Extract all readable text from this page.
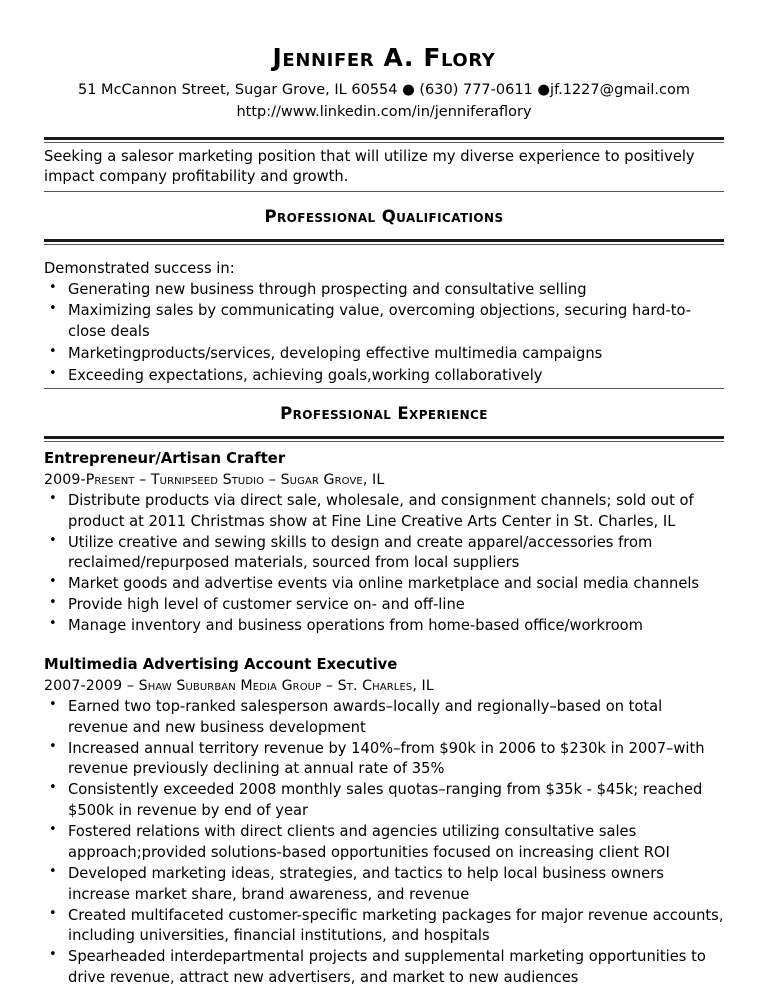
Jennifer A. Flory
51 McCannon Street, Sugar Grove, IL 60554 ● (630) 777-0611 ●jf.1227@gmail.com
http://www.linkedin.com/in/jenniferaflory
Seeking a salesor marketing position that will utilize my diverse experience to positively impact company profitability and growth.
Professional Qualifications
Demonstrated success in:
• Generating new business through prospecting and consultative selling
• Maximizing sales by communicating value, overcoming objections, securing hard-to-close deals
• Marketingproducts/services, developing effective multimedia campaigns
• Exceeding expectations, achieving goals,working collaboratively
Professional Experience
Entrepreneur/Artisan Crafter
2009-Present – Turnipseed Studio – Sugar Grove, IL
• Distribute products via direct sale, wholesale, and consignment channels; sold out of product at 2011 Christmas show at Fine Line Creative Arts Center in St. Charles, IL
• Utilize creative and sewing skills to design and create apparel/accessories from reclaimed/repurposed materials, sourced from local suppliers
• Market goods and advertise events via online marketplace and social media channels
• Provide high level of customer service on- and off-line
• Manage inventory and business operations from home-based office/workroom
Multimedia Advertising Account Executive
2007-2009 – Shaw Suburban Media Group – St. Charles, IL
• Earned two top-ranked salesperson awards–locally and regionally–based on total revenue and new business development
• Increased annual territory revenue by 140%–from $90k in 2006 to $230k in 2007–with revenue previously declining at annual rate of 35%
• Consistently exceeded 2008 monthly sales quotas–ranging from $35k - $45k; reached $500k in revenue by end of year
• Fostered relations with direct clients and agencies utilizing consultative sales approach;provided solutions-based opportunities focused on increasing client ROI
• Developed marketing ideas, strategies, and tactics to help local business owners increase market share, brand awareness, and revenue
• Created multifaceted customer-specific marketing packages for major revenue accounts, including universities, financial institutions, and hospitals
• Spearheaded interdepartmental projects and supplemental marketing opportunities to drive revenue, attract new advertisers, and market to new audiences
